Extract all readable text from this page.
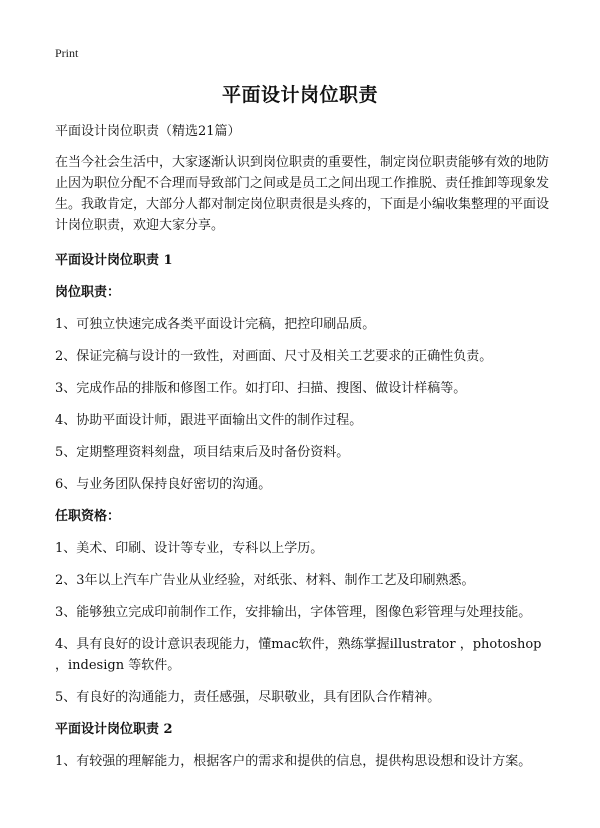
Print
平面设计岗位职责

平面设计岗位职责（精选21篇）

在当今社会生活中，大家逐渐认识到岗位职责的重要性，制定岗位职责能够有效的地防止因为职位分配不合理而导致部门之间或是员工之间出现工作推脱、责任推卸等现象发生。我敢肯定，大部分人都对制定岗位职责很是头疼的，下面是小编收集整理的平面设计岗位职责，欢迎大家分享。

平面设计岗位职责 1

岗位职责：

1、可独立快速完成各类平面设计完稿，把控印刷品质。

2、保证完稿与设计的一致性，对画面、尺寸及相关工艺要求的正确性负责。

3、完成作品的排版和修图工作。如打印、扫描、搜图、做设计样稿等。

4、协助平面设计师，跟进平面输出文件的制作过程。

5、定期整理资料刻盘，项目结束后及时备份资料。

6、与业务团队保持良好密切的沟通。

任职资格：

1、美术、印刷、设计等专业，专科以上学历。

2、3年以上汽车广告业从业经验，对纸张、材料、制作工艺及印刷熟悉。

3、能够独立完成印前制作工作，安排输出，字体管理，图像色彩管理与处理技能。

4、具有良好的设计意识表现能力，懂mac软件，熟练掌握illustrator ，photoshop ，indesign 等软件。

5、有良好的沟通能力，责任感强，尽职敬业，具有团队合作精神。

平面设计岗位职责 2

1、有较强的理解能力，根据客户的需求和提供的信息，提供构思设想和设计方案。
